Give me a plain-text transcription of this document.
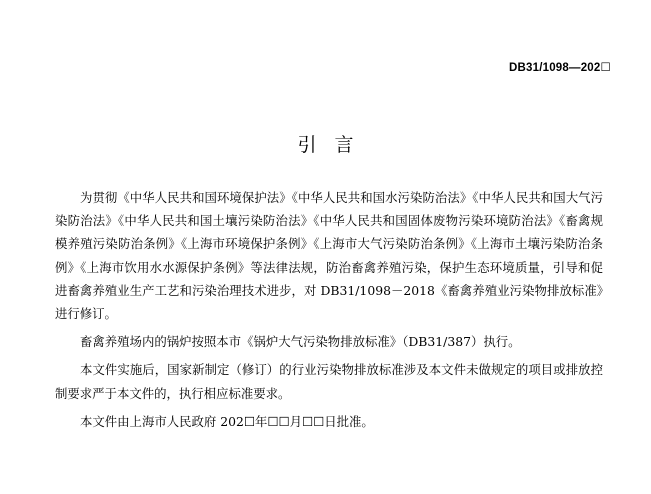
DB31/1098—202☐
引言

为贯彻《中华人民共和国环境保护法》《中华人民共和国水污染防治法》《中华人民共和国大气污染防治法》《中华人民共和国土壤污染防治法》《中华人民共和国固体废物污染环境防治法》《畜禽规模养殖污染防治条例》《上海市环境保护条例》《上海市大气污染防治条例》《上海市土壤污染防治条例》《上海市饮用水水源保护条例》等法律法规，防治畜禽养殖污染，保护生态环境质量，引导和促进畜禽养殖业生产工艺和污染治理技术进步，对 DB31/1098－2018《畜禽养殖业污染物排放标准》进行修订。

畜禽养殖场内的锅炉按照本市《锅炉大气污染物排放标准》（DB31/387）执行。

本文件实施后，国家新制定（修订）的行业污染物排放标准涉及本文件未做规定的项目或排放控制要求严于本文件的，执行相应标准要求。

本文件由上海市人民政府 202☐年☐☐月☐☐日批准。
